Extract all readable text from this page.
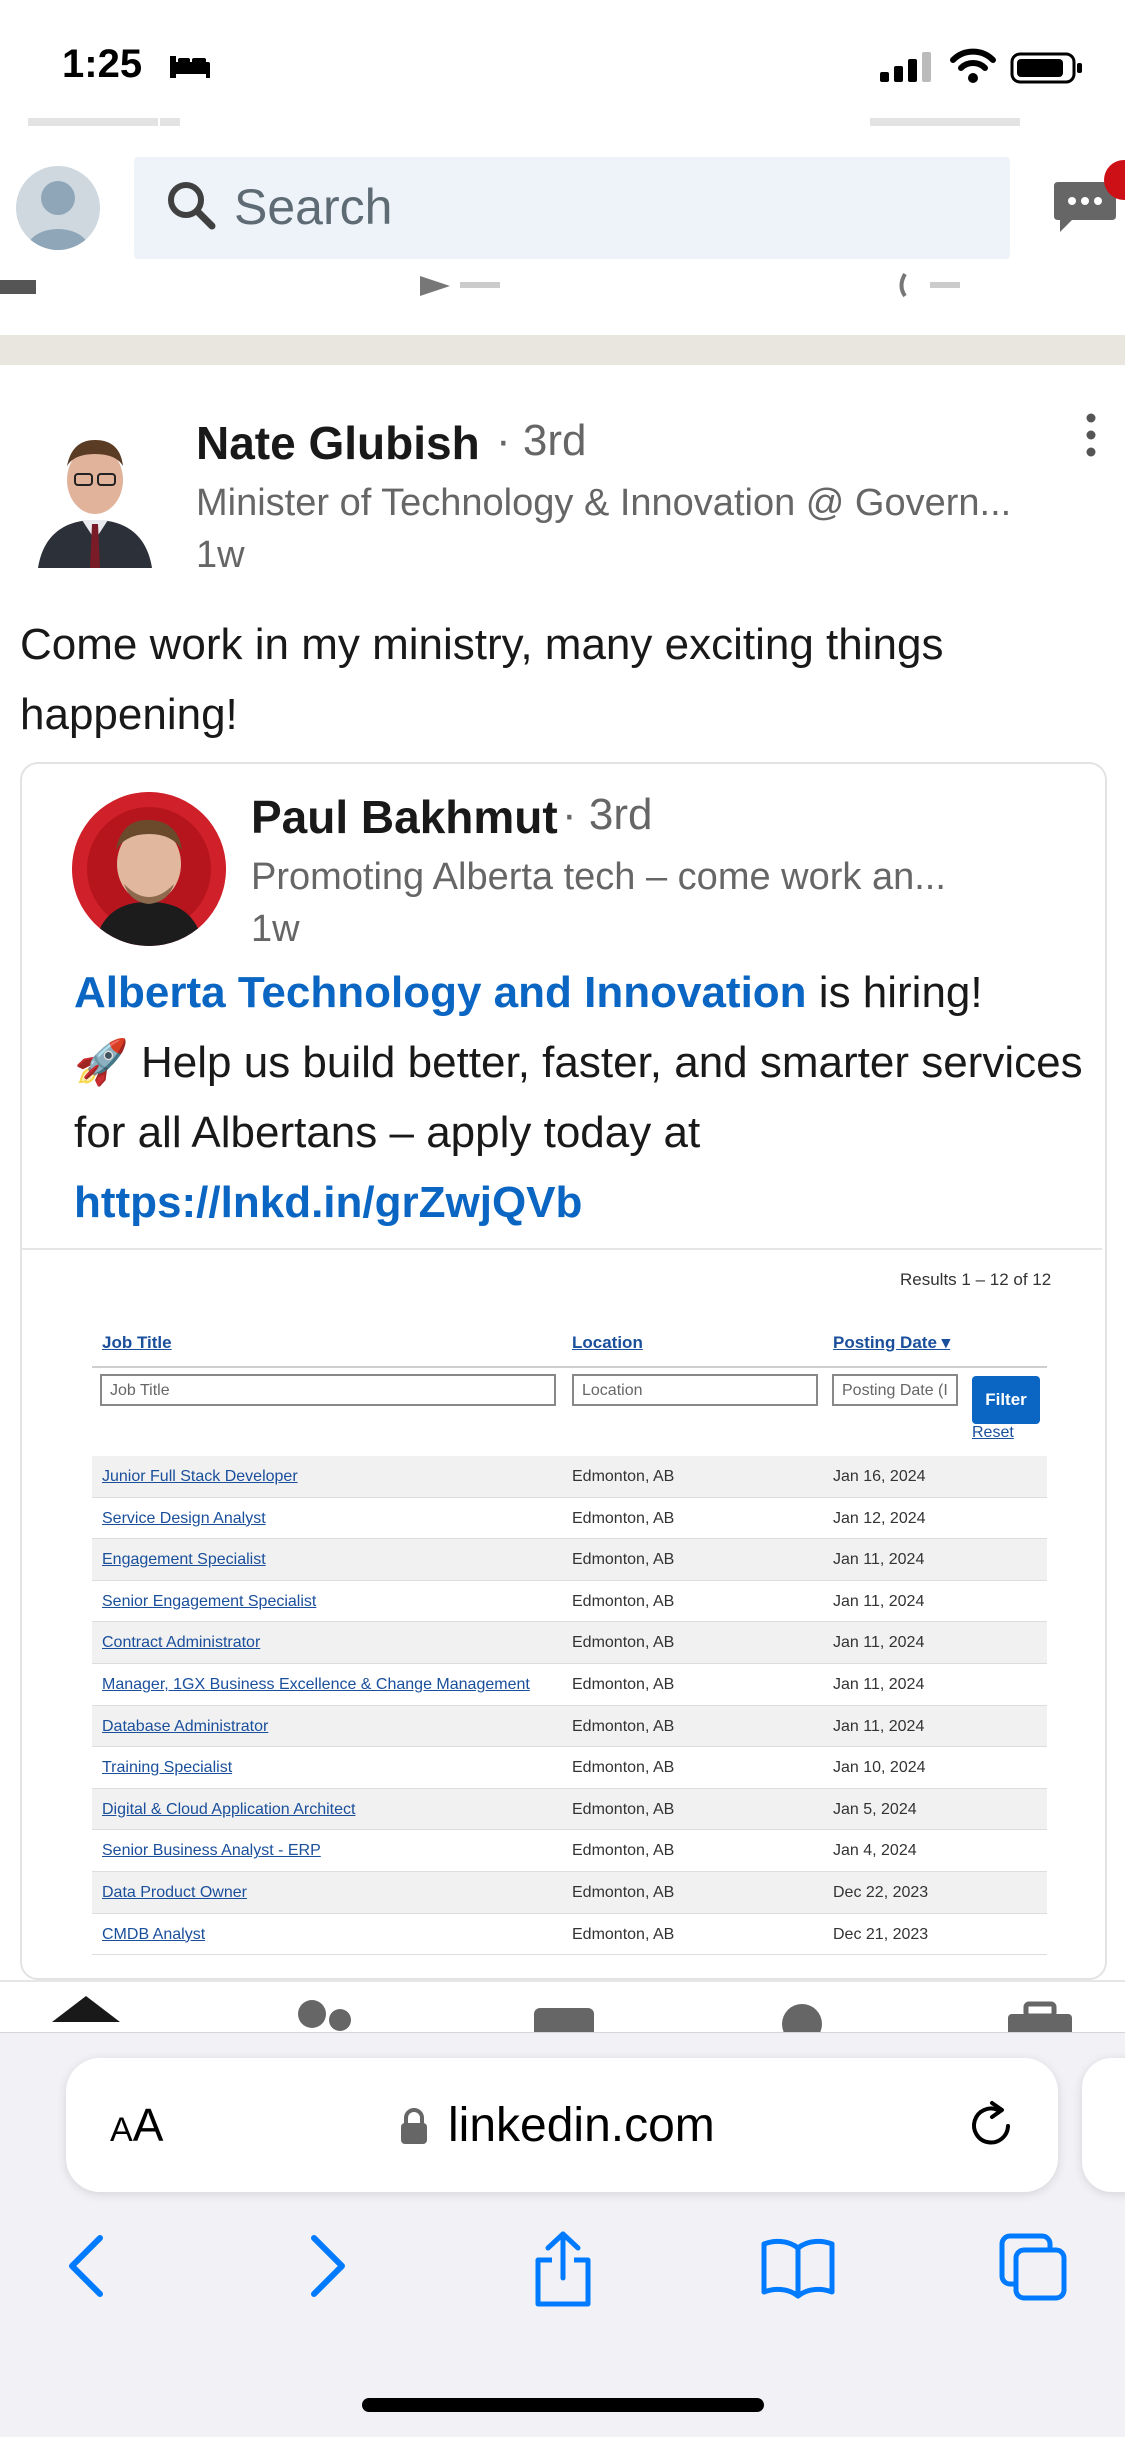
1:25
Search
Nate Glubish · 3rd
Minister of Technology & Innovation @ Govern...
1w
Come work in my ministry, many exciting things happening!
Paul Bakhmut · 3rd
Promoting Alberta tech – come work an...
1w
Alberta Technology and Innovation is hiring!
🚀 Help us build better, faster, and smarter services for all Albertans – apply today at
https://lnkd.in/grZwjQVb
Results 1 – 12 of 12
Job Title	Location	Posting Date ▾
Job Title	Location	Posting Date (I	Filter
Reset
Junior Full Stack Developer	Edmonton, AB	Jan 16, 2024
Service Design Analyst	Edmonton, AB	Jan 12, 2024
Engagement Specialist	Edmonton, AB	Jan 11, 2024
Senior Engagement Specialist	Edmonton, AB	Jan 11, 2024
Contract Administrator	Edmonton, AB	Jan 11, 2024
Manager, 1GX Business Excellence & Change Management	Edmonton, AB	Jan 11, 2024
Database Administrator	Edmonton, AB	Jan 11, 2024
Training Specialist	Edmonton, AB	Jan 10, 2024
Digital & Cloud Application Architect	Edmonton, AB	Jan 5, 2024
Senior Business Analyst - ERP	Edmonton, AB	Jan 4, 2024
Data Product Owner	Edmonton, AB	Dec 22, 2023
CMDB Analyst	Edmonton, AB	Dec 21, 2023
AA	linkedin.com
